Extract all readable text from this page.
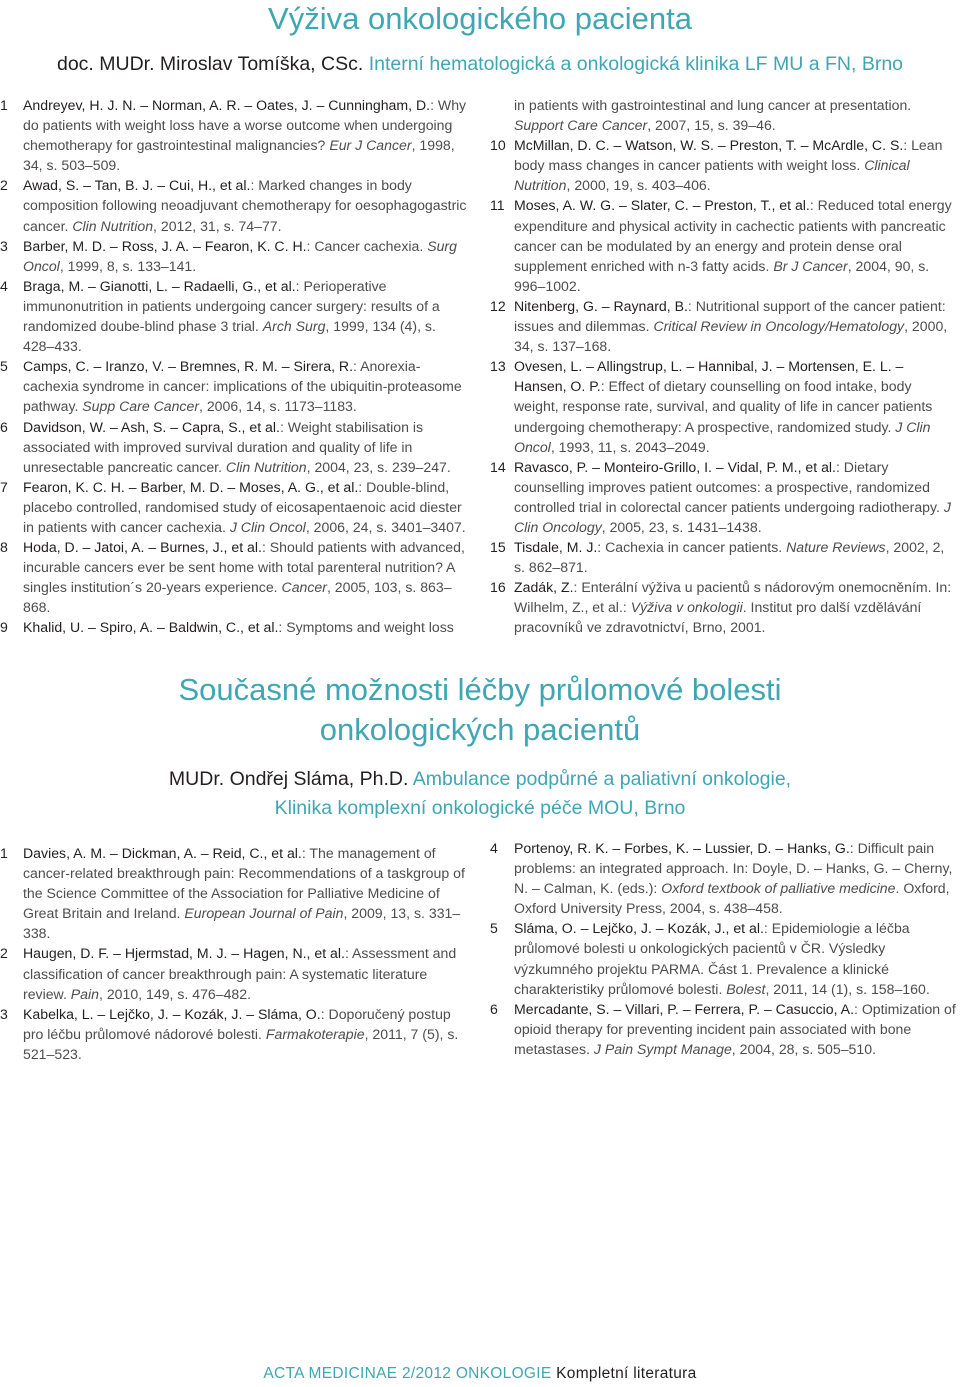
Výživa onkologického pacienta
doc. MUDr. Miroslav Tomíška, CSc. Interní hematologická a onkologická klinika LF MU a FN, Brno
1	Andreyev, H. J. N. – Norman, A. R. – Oates, J. – Cunningham, D.: Why do patients with weight loss have a worse outcome when undergoing chemotherapy for gastrointestinal malignancies? Eur J Cancer, 1998, 34, s. 503–509.
2	Awad, S. – Tan, B. J. – Cui, H., et al.: Marked changes in body composition following neoadjuvant chemotherapy for oesophagogastric cancer. Clin Nutrition, 2012, 31, s. 74–77.
3	Barber, M. D. – Ross, J. A. – Fearon, K. C. H.: Cancer cachexia. Surg Oncol, 1999, 8, s. 133–141.
4	Braga, M. – Gianotti, L. – Radaelli, G., et al.: Perioperative immunonutrition in patients undergoing cancer surgery: results of a randomized doube-blind phase 3 trial. Arch Surg, 1999, 134 (4), s. 428–433.
5	Camps, C. – Iranzo, V. – Bremnes, R. M. – Sirera, R.: Anorexia-cachexia syndrome in cancer: implications of the ubiquitin-proteasome pathway. Supp Care Cancer, 2006, 14, s. 1173–1183.
6	Davidson, W. – Ash, S. – Capra, S., et al.: Weight stabilisation is associated with improved survival duration and quality of life in unresectable pancreatic cancer. Clin Nutrition, 2004, 23, s. 239–247.
7	Fearon, K. C. H. – Barber, M. D. – Moses, A. G., et al.: Double-blind, placebo controlled, randomised study of eicosapentaenoic acid diester in patients with cancer cachexia. J Clin Oncol, 2006, 24, s. 3401–3407.
8	Hoda, D. – Jatoi, A. – Burnes, J., et al.: Should patients with advanced, incurable cancers ever be sent home with total parenteral nutrition? A singles institution´s 20-years experience. Cancer, 2005, 103, s. 863–868.
9	Khalid, U. – Spiro, A. – Baldwin, C., et al.: Symptoms and weight loss
in patients with gastrointestinal and lung cancer at presentation. Support Care Cancer, 2007, 15, s. 39–46.
10 McMillan, D. C. – Watson, W. S. – Preston, T. – McArdle, C. S.: Lean body mass changes in cancer patients with weight loss. Clinical Nutrition, 2000, 19, s. 403–406.
11 Moses, A. W. G. – Slater, C. – Preston, T., et al.: Reduced total energy expenditure and physical activity in cachectic patients with pancreatic cancer can be modulated by an energy and protein dense oral supplement enriched with n-3 fatty acids. Br J Cancer, 2004, 90, s. 996–1002.
12 Nitenberg, G. – Raynard, B.: Nutritional support of the cancer patient: issues and dilemmas. Critical Review in Oncology/Hematology, 2000, 34, s. 137–168.
13 Ovesen, L. – Allingstrup, L. – Hannibal, J. – Mortensen, E. L. – Hansen, O. P.: Effect of dietary counselling on food intake, body weight, response rate, survival, and quality of life in cancer patients undergoing chemotherapy: A prospective, randomized study. J Clin Oncol, 1993, 11, s. 2043–2049.
14 Ravasco, P. – Monteiro-Grillo, I. – Vidal, P. M., et al.: Dietary counselling improves patient outcomes: a prospective, randomized controlled trial in colorectal cancer patients undergoing radiotherapy. J Clin Oncology, 2005, 23, s. 1431–1438.
15 Tisdale, M. J.: Cachexia in cancer patients. Nature Reviews, 2002, 2, s. 862–871.
16 Zadák, Z.: Enterální výživa u pacientů s nádorovým onemocněním. In: Wilhelm, Z., et al.: Výživa v onkologii. Institut pro další vzdělávání pracovníků ve zdravotnictví, Brno, 2001.
Současné možnosti léčby průlomové bolesti
onkologických pacientů
MUDr. Ondřej Sláma, Ph.D. Ambulance podpůrné a paliativní onkologie,
Klinika komplexní onkologické péče MOU, Brno
1	Davies, A. M. – Dickman, A. – Reid, C., et al.: The management of cancer-related breakthrough pain: Recommendations of a taskgroup of the Science Committee of the Association for Palliative Medicine of Great Britain and Ireland. European Journal of Pain, 2009, 13, s. 331–338.
2	Haugen, D. F. – Hjermstad, M. J. – Hagen, N., et al.: Assessment and classification of cancer breakthrough pain: A systematic literature review. Pain, 2010, 149, s. 476–482.
3	Kabelka, L. – Lejčko, J. – Kozák, J. – Sláma, O.: Doporučený postup pro léčbu průlomové nádorové bolesti. Farmakoterapie, 2011, 7 (5), s. 521–523.
4	Portenoy, R. K. – Forbes, K. – Lussier, D. – Hanks, G.: Difficult pain problems: an integrated approach. In: Doyle, D. – Hanks, G. – Cherny, N. – Calman, K. (eds.): Oxford textbook of palliative medicine. Oxford, Oxford University Press, 2004, s. 438–458.
5	Sláma, O. – Lejčko, J. – Kozák, J., et al.: Epidemiologie a léčba průlomové bolesti u onkologických pacientů v ČR. Výsledky výzkumného projektu PARMA. Část 1. Prevalence a klinické charakteristiky průlomové bolesti. Bolest, 2011, 14 (1), s. 158–160.
6	Mercadante, S. – Villari, P. – Ferrera, P. – Casuccio, A.: Optimization of opioid therapy for preventing incident pain associated with bone metastases. J Pain Sympt Manage, 2004, 28, s. 505–510.
ACTA MEDICINAE 2/2012 ONKOLOGIE Kompletní literatura
